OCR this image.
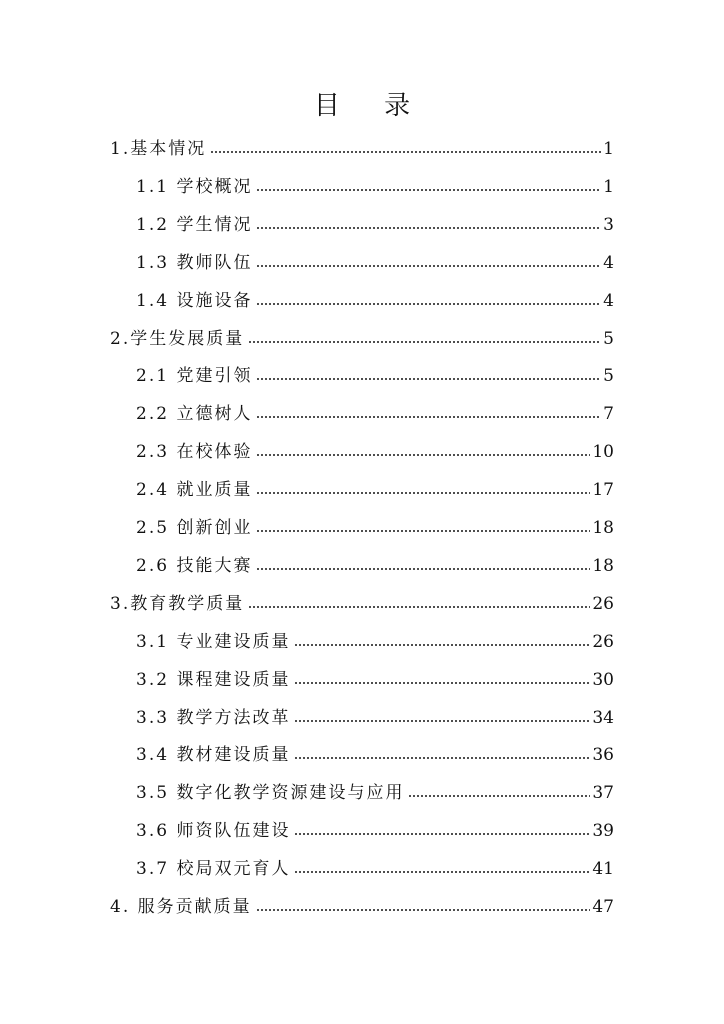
目 录
1.基本情况	1
1.1 学校概况	1
1.2 学生情况	3
1.3 教师队伍	4
1.4 设施设备	4
2.学生发展质量	5
2.1 党建引领	5
2.2 立德树人	7
2.3 在校体验	10
2.4 就业质量	17
2.5 创新创业	18
2.6 技能大赛	18
3.教育教学质量	26
3.1 专业建设质量	26
3.2 课程建设质量	30
3.3 教学方法改革	34
3.4 教材建设质量	36
3.5 数字化教学资源建设与应用	37
3.6 师资队伍建设	39
3.7 校局双元育人	41
4. 服务贡献质量	47
